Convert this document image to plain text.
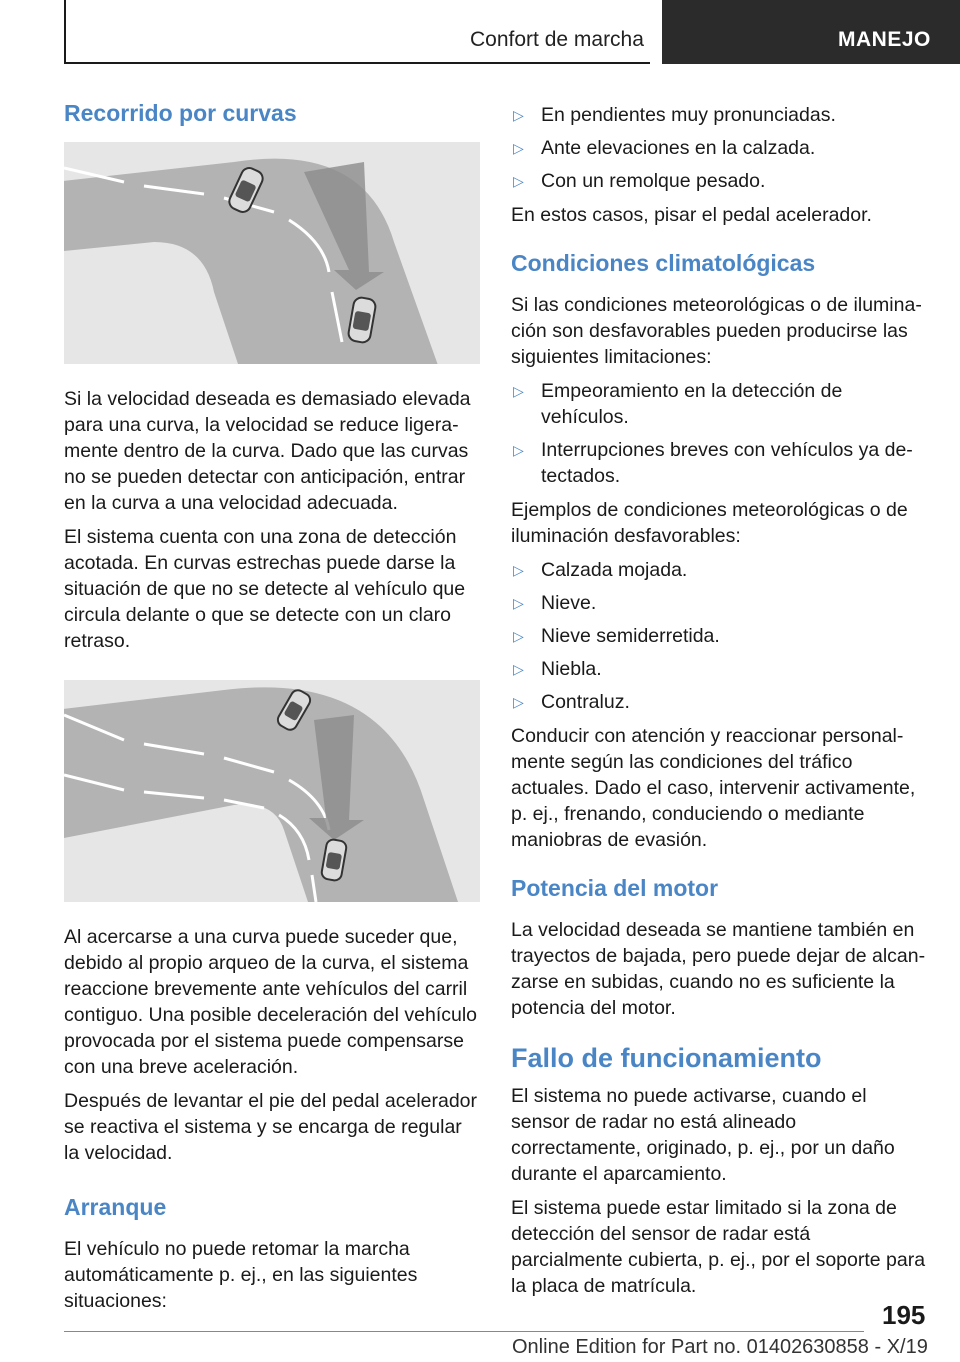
Confort de marcha	MANEJO
Recorrido por curvas

Si la velocidad deseada es demasiado elevada para una curva, la velocidad se reduce ligeramente dentro de la curva. Dado que las curvas no se pueden detectar con anticipación, entrar en la curva a una velocidad adecuada.

El sistema cuenta con una zona de detección acotada. En curvas estrechas puede darse la situación de que no se detecte al vehículo que circula delante o que se detecte con un claro retraso.

Al acercarse a una curva puede suceder que, debido al propio arqueo de la curva, el sistema reaccione brevemente ante vehículos del carril contiguo. Una posible deceleración del vehículo provocada por el sistema puede compensarse con una breve aceleración.

Después de levantar el pie del pedal acelerador se reactiva el sistema y se encarga de regular la velocidad.

Arranque

El vehículo no puede retomar la marcha automáticamente p. ej., en las siguientes situaciones:

▷ En pendientes muy pronunciadas.
▷ Ante elevaciones en la calzada.
▷ Con un remolque pesado.

En estos casos, pisar el pedal acelerador.

Condiciones climatológicas

Si las condiciones meteorológicas o de iluminación son desfavorables pueden producirse las siguientes limitaciones:

▷ Empeoramiento en la detección de vehículos.
▷ Interrupciones breves con vehículos ya detectados.

Ejemplos de condiciones meteorológicas o de iluminación desfavorables:

▷ Calzada mojada.
▷ Nieve.
▷ Nieve semiderretida.
▷ Niebla.
▷ Contraluz.

Conducir con atención y reaccionar personalmente según las condiciones del tráfico actuales. Dado el caso, intervenir activamente, p. ej., frenando, conduciendo o mediante maniobras de evasión.

Potencia del motor

La velocidad deseada se mantiene también en trayectos de bajada, pero puede dejar de alcanzarse en subidas, cuando no es suficiente la potencia del motor.

Fallo de funcionamiento

El sistema no puede activarse, cuando el sensor de radar no está alineado correctamente, originado, p. ej., por un daño durante el aparcamiento.

El sistema puede estar limitado si la zona de detección del sensor de radar está parcialmente cubierta, p. ej., por el soporte para la placa de matrícula.

195
Online Edition for Part no. 01402630858 - X/19
